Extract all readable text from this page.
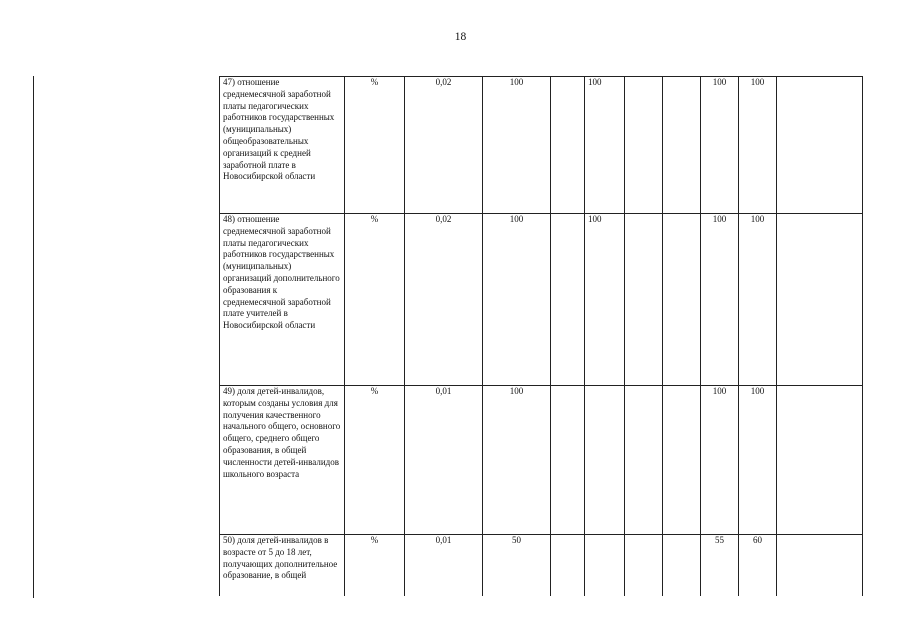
18
47) отношение среднемесячной заработной платы педагогических работников государственных (муниципальных) общеобразовательных организаций к средней заработной плате в Новосибирской области	%	0,02	100		100			100	100	
48) отношение среднемесячной заработной платы педагогических работников государственных (муниципальных) организаций дополнительного образования к среднемесячной заработной плате учителей в Новосибирской области	%	0,02	100		100			100	100	
49) доля детей-инвалидов, которым созданы условия для получения качественного начального общего, основного общего, среднего общего образования, в общей численности детей-инвалидов школьного возраста	%	0,01	100					100	100	
50) доля детей-инвалидов в возрасте от 5 до 18 лет, получающих дополнительное образование, в общей	%	0,01	50					55	60	
